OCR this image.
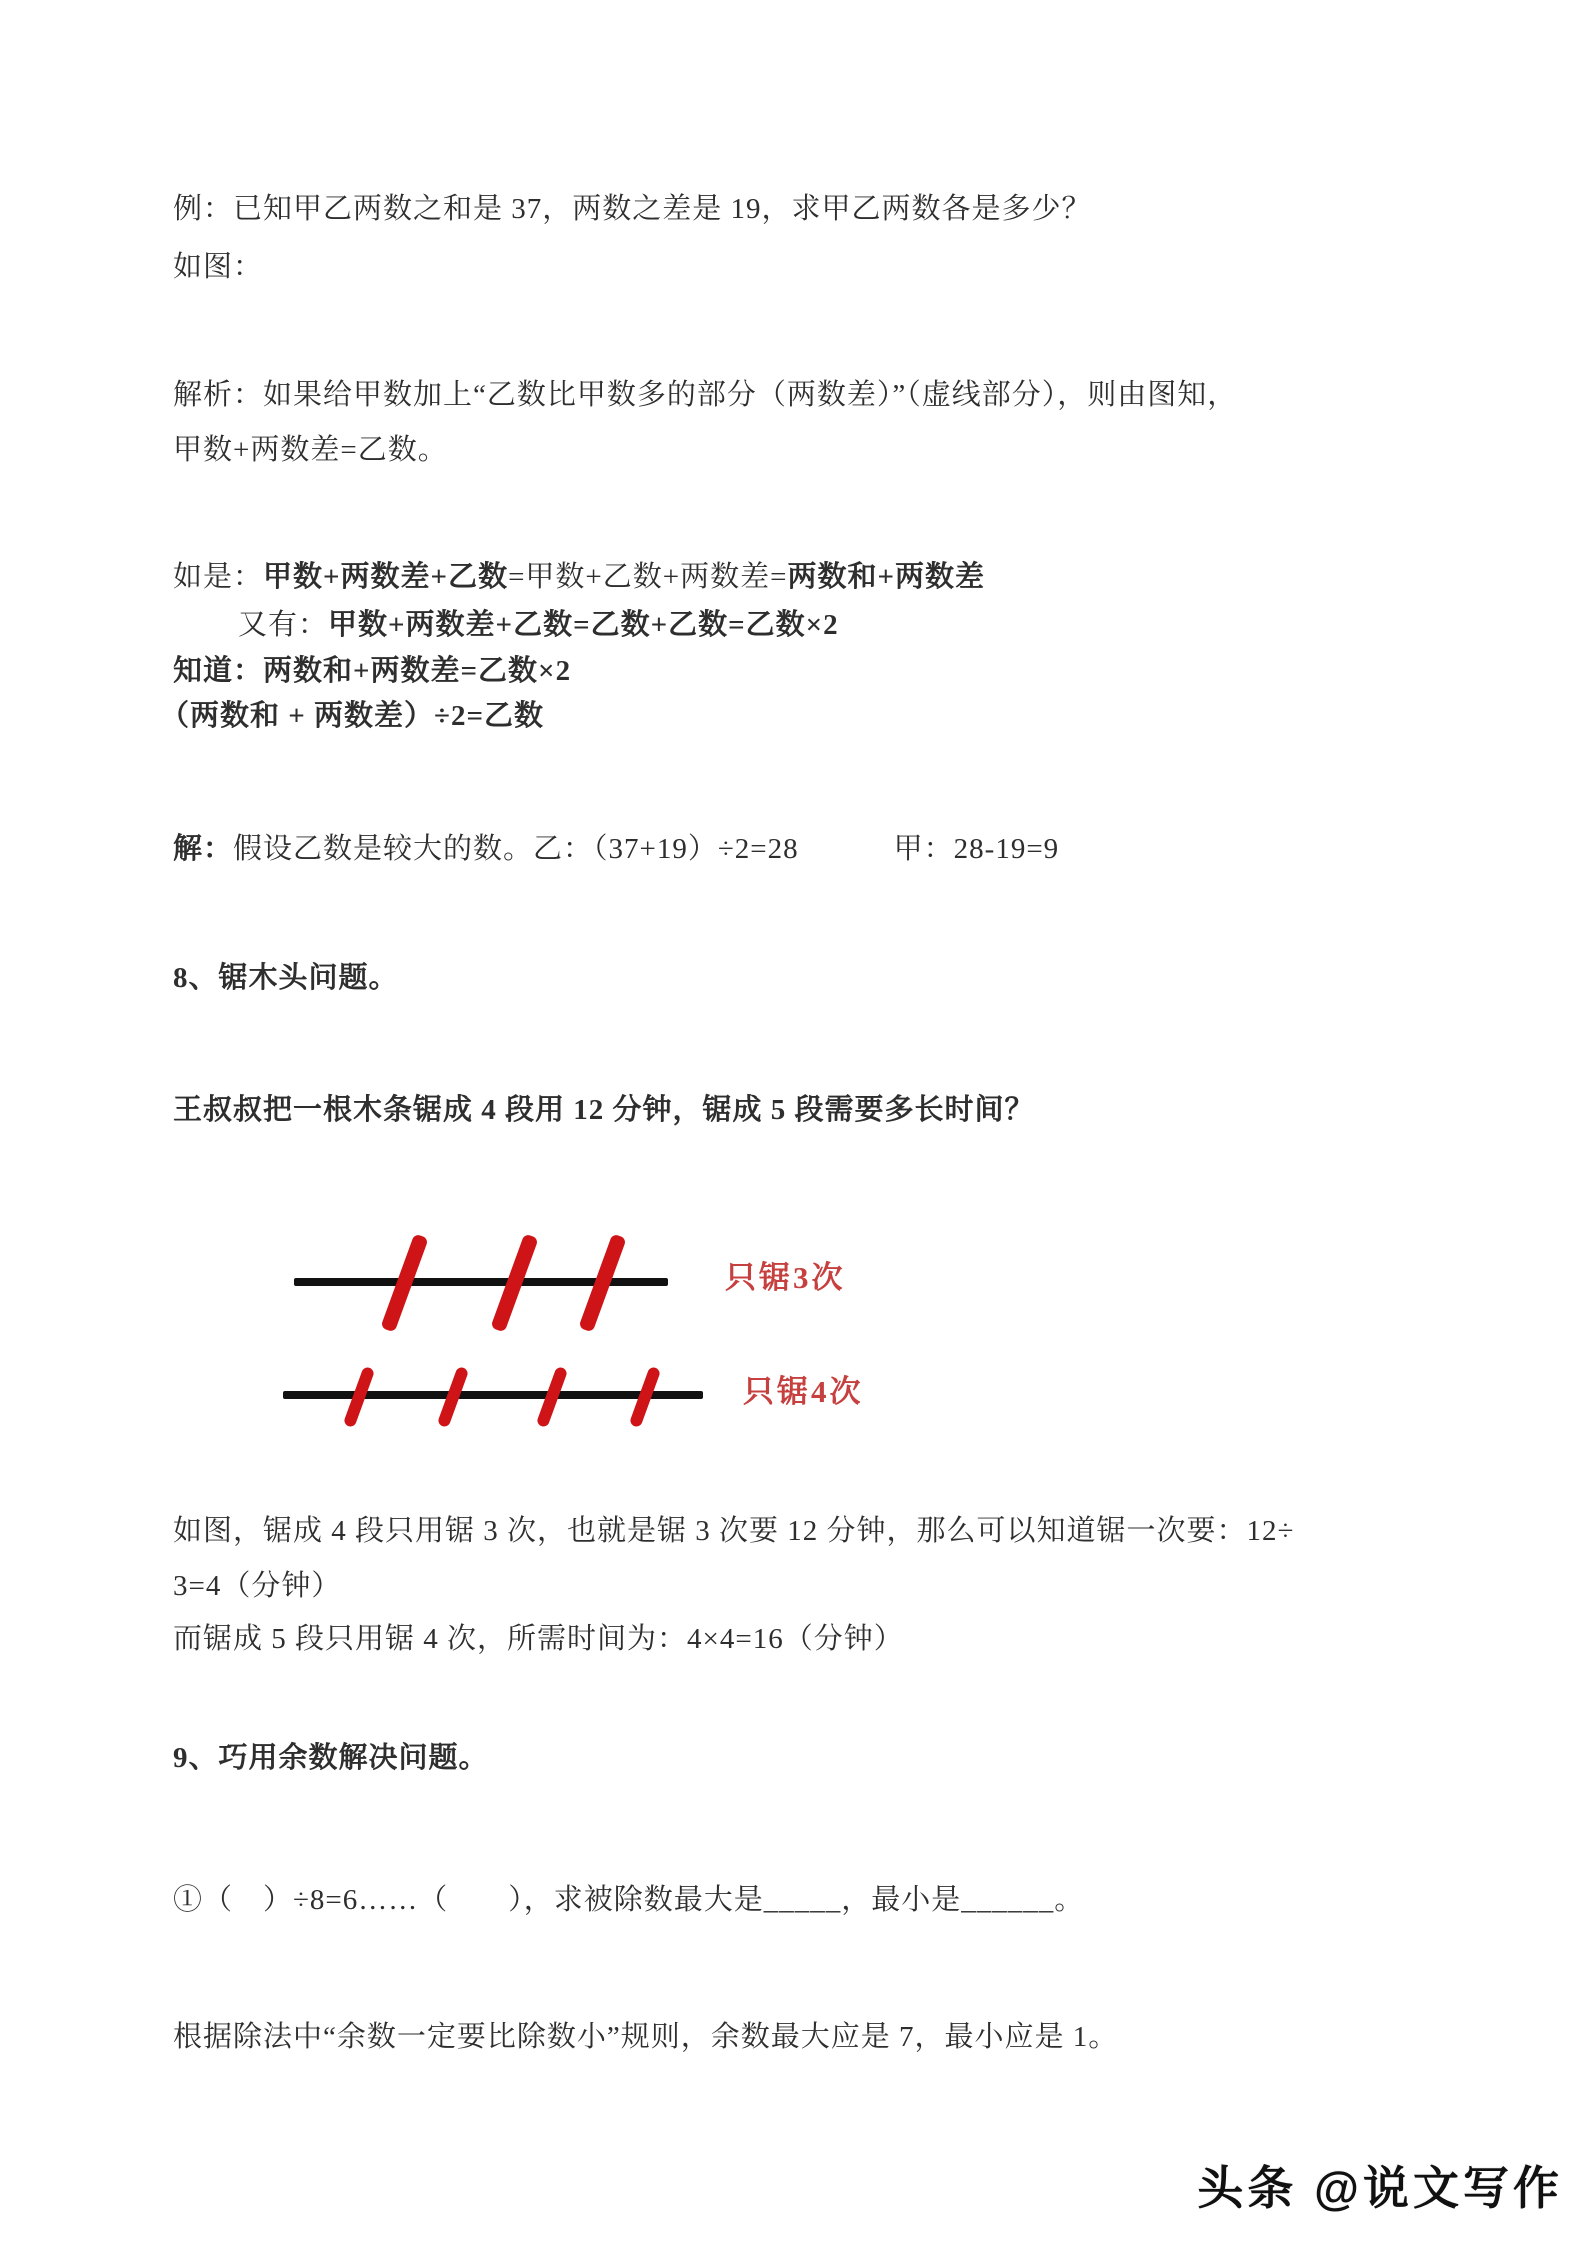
例：已知甲乙两数之和是 37，两数之差是 19，求甲乙两数各是多少？
如图：
解析：如果给甲数加上“乙数比甲数多的部分（两数差）”（虚线部分），则由图知，
甲数+两数差=乙数。
如是：甲数+两数差+乙数=甲数+乙数+两数差=两数和+两数差
又有：甲数+两数差+乙数=乙数+乙数=乙数×2
知道：两数和+两数差=乙数×2
（两数和 + 两数差）÷2=乙数
解：假设乙数是较大的数。乙：（37+19）÷2=28	甲：28-19=9
8、锯木头问题。
王叔叔把一根木条锯成 4 段用 12 分钟，锯成 5 段需要多长时间？
只锯3次
只锯4次
如图，锯成 4 段只用锯 3 次，也就是锯 3 次要 12 分钟，那么可以知道锯一次要：12÷
3=4（分钟）
而锯成 5 段只用锯 4 次，所需时间为：4×4=16（分钟）
9、巧用余数解决问题。
①（　）÷8=6……（　　），求被除数最大是_____，最小是______。
根据除法中“余数一定要比除数小”规则，余数最大应是 7，最小应是 1。
头条 @说文写作
